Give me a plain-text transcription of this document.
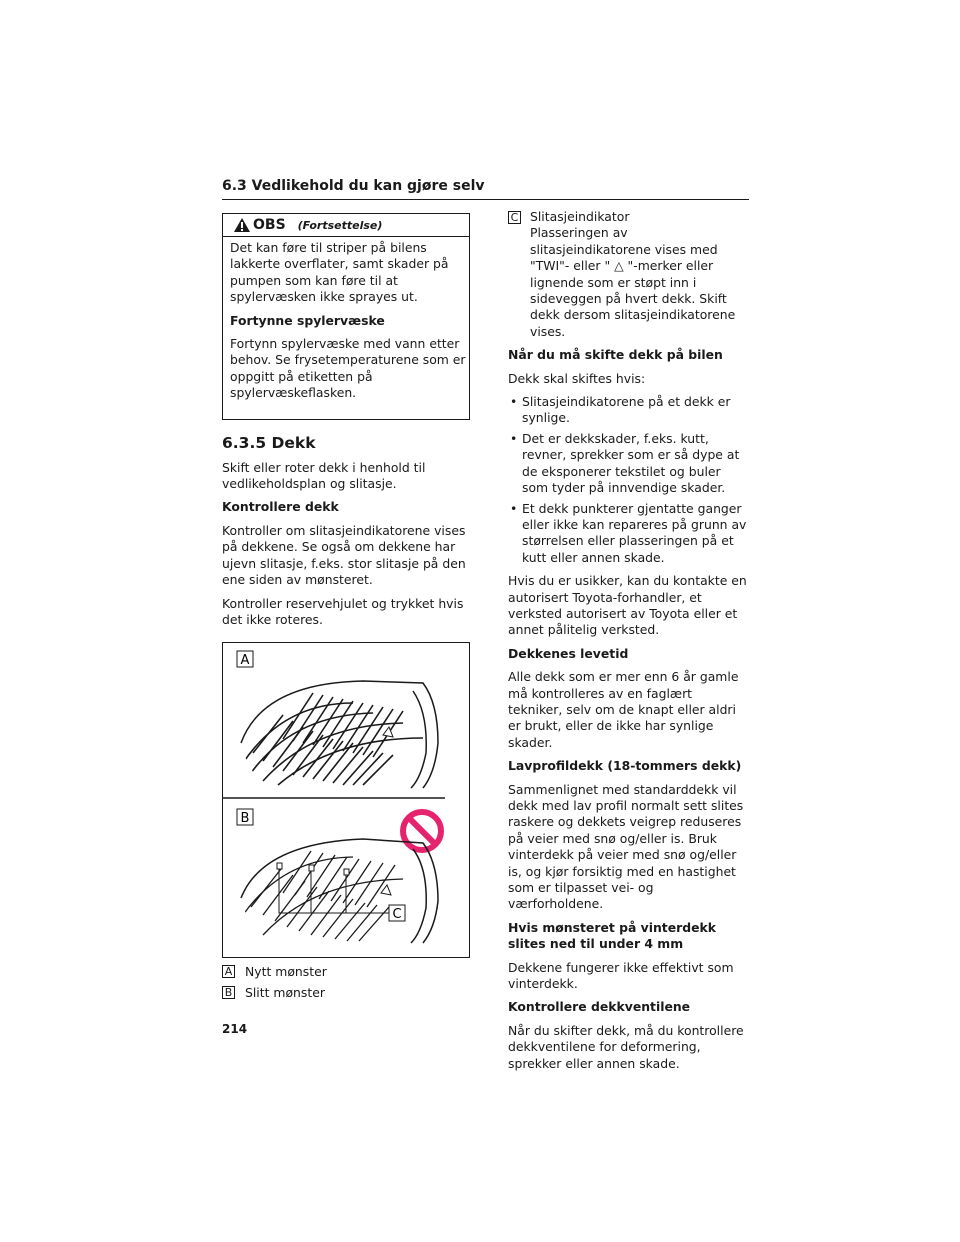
6.3 Vedlikehold du kan gjøre selv
OBS (Fortsettelse)

Det kan føre til striper på bilens lakkerte overflater, samt skader på pumpen som kan føre til at spylervæsken ikke sprayes ut.

Fortynne spylervæske

Fortynn spylervæske med vann etter behov. Se frysetemperaturene som er oppgitt på etiketten på spylervæskeflasken.

6.3.5 Dekk

Skift eller roter dekk i henhold til vedlikeholdsplan og slitasje.

Kontrollere dekk

Kontroller om slitasjeindikatorene vises på dekkene. Se også om dekkene har ujevn slitasje, f.eks. stor slitasje på den ene siden av mønsteret.

Kontroller reservehjulet og trykket hvis det ikke roteres.

A
B
C
A Nytt mønster
B Slitt mønster
C Slitasjeindikator
Plasseringen av slitasjeindikatorene vises med "TWI"- eller " △ "-merker eller lignende som er støpt inn i sideveggen på hvert dekk. Skift dekk dersom slitasjeindikatorene vises.

Når du må skifte dekk på bilen

Dekk skal skiftes hvis:

• Slitasjeindikatorene på et dekk er synlige.
• Det er dekkskader, f.eks. kutt, revner, sprekker som er så dype at de eksponerer tekstilet og buler som tyder på innvendige skader.
• Et dekk punkterer gjentatte ganger eller ikke kan repareres på grunn av størrelsen eller plasseringen på et kutt eller annen skade.

Hvis du er usikker, kan du kontakte en autorisert Toyota-forhandler, et verksted autorisert av Toyota eller et annet pålitelig verksted.

Dekkenes levetid

Alle dekk som er mer enn 6 år gamle må kontrolleres av en faglært tekniker, selv om de knapt eller aldri er brukt, eller de ikke har synlige skader.

Lavprofildekk (18-tommers dekk)

Sammenlignet med standarddekk vil dekk med lav profil normalt sett slites raskere og dekkets veigrep reduseres på veier med snø og/eller is. Bruk vinterdekk på veier med snø og/eller is, og kjør forsiktig med en hastighet som er tilpasset vei- og værforholdene.

Hvis mønsteret på vinterdekk slites ned til under 4 mm

Dekkene fungerer ikke effektivt som vinterdekk.

Kontrollere dekkventilene

Når du skifter dekk, må du kontrollere dekkventilene for deformering, sprekker eller annen skade.

214
